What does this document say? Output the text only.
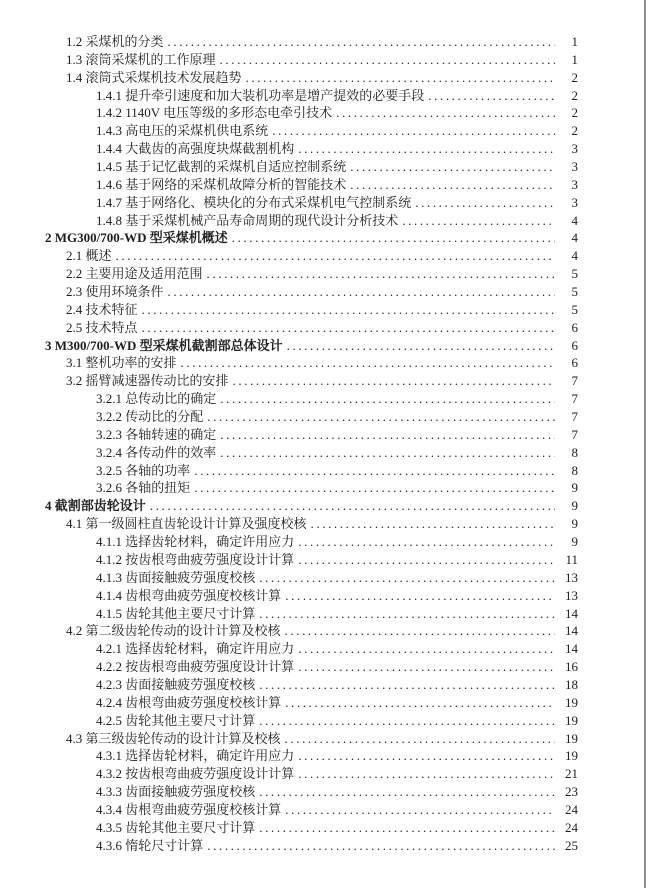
1.2 采煤机的分类 .....	1
1.3 滚筒采煤机的工作原理 .....	1
1.4 滚筒式采煤机技术发展趋势 .....	2
1.4.1 提升牵引速度和加大装机功率是增产提效的必要手段 .....	2
1.4.2 1140V 电压等级的多形态电牵引技术 .....	2
1.4.3 高电压的采煤机供电系统 .....	2
1.4.4 大截齿的高强度块煤截割机构 .....	3
1.4.5 基于记忆截割的采煤机自适应控制系统 .....	3
1.4.6 基于网络的采煤机故障分析的智能技术 .....	3
1.4.7 基于网络化、模块化的分布式采煤机电气控制系统 .....	3
1.4.8 基于采煤机械产品寿命周期的现代设计分析技术 .....	4
2 MG300/700-WD 型采煤机概述 .....	4
2.1 概述 .....	4
2.2 主要用途及适用范围 .....	5
2.3 使用环境条件 .....	5
2.4 技术特征 .....	5
2.5 技术特点 .....	6
3 M300/700-WD 型采煤机截割部总体设计 .....	6
3.1 整机功率的安排 .....	6
3.2 摇臂减速器传动比的安排 .....	7
3.2.1 总传动比的确定 .....	7
3.2.2 传动比的分配 .....	7
3.2.3 各轴转速的确定 .....	7
3.2.4 各传动件的效率 .....	8
3.2.5 各轴的功率 .....	8
3.2.6 各轴的扭矩 .....	9
4 截割部齿轮设计 .....	9
4.1 第一级圆柱直齿轮设计计算及强度校核 .....	9
4.1.1 选择齿轮材料，确定许用应力 .....	9
4.1.2 按齿根弯曲疲劳强度设计计算 .....	11
4.1.3 齿面接触疲劳强度校核 .....	13
4.1.4 齿根弯曲疲劳强度校核计算 .....	13
4.1.5 齿轮其他主要尺寸计算 .....	14
4.2 第二级齿轮传动的设计计算及校核 .....	14
4.2.1 选择齿轮材料，确定许用应力 .....	14
4.2.2 按齿根弯曲疲劳强度设计计算 .....	16
4.2.3 齿面接触疲劳强度校核 .....	18
4.2.4 齿根弯曲疲劳强度校核计算 .....	19
4.2.5 齿轮其他主要尺寸计算 .....	19
4.3 第三级齿轮传动的设计计算及校核 .....	19
4.3.1 选择齿轮材料，确定许用应力 .....	19
4.3.2 按齿根弯曲疲劳强度设计计算 .....	21
4.3.3 齿面接触疲劳强度校核 .....	23
4.3.4 齿根弯曲疲劳强度校核计算 .....	24
4.3.5 齿轮其他主要尺寸计算 .....	24
4.3.6 惰轮尺寸计算 .....	25
